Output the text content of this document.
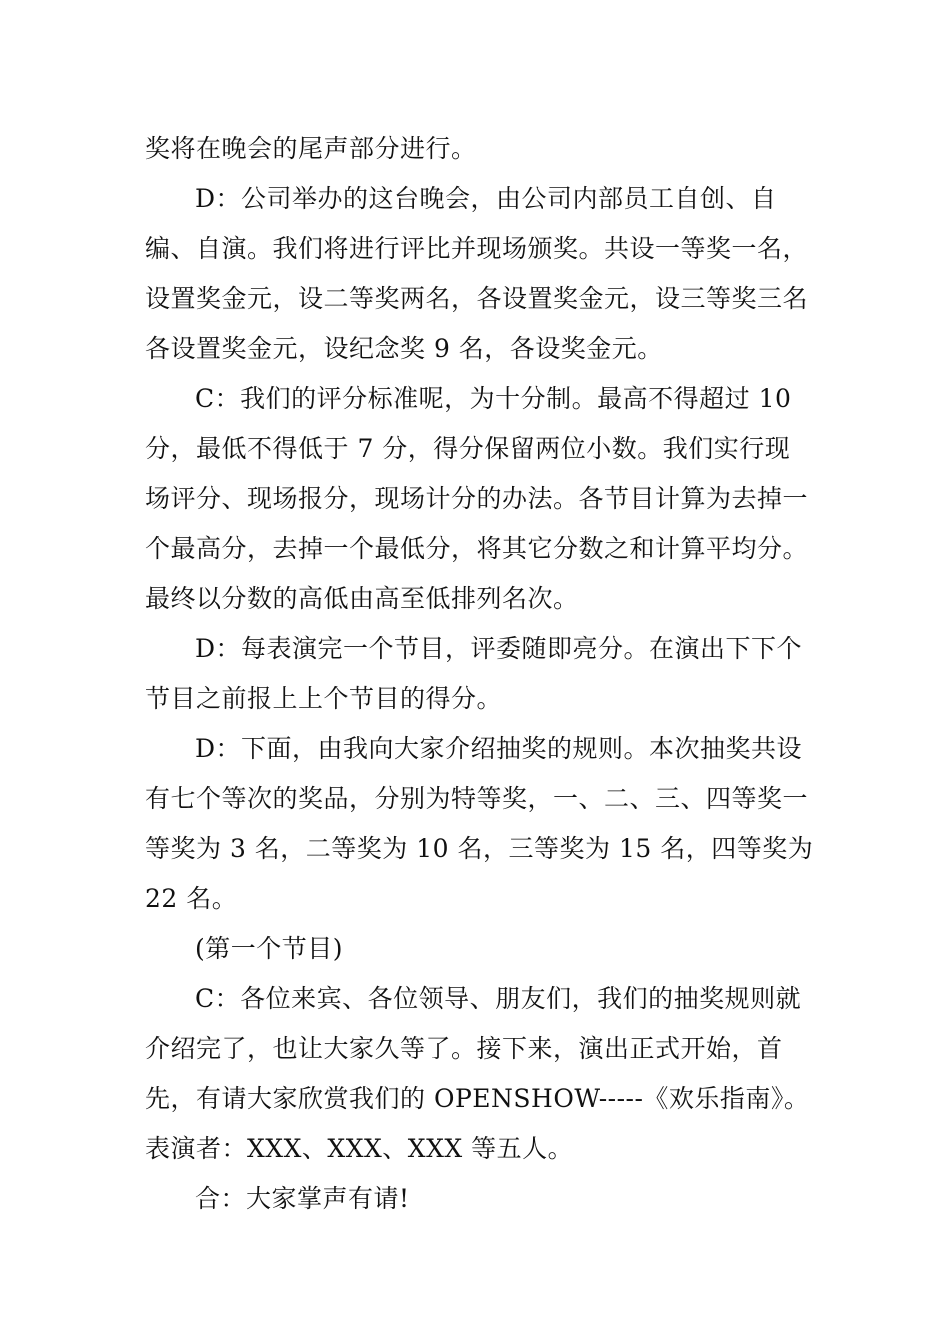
奖将在晚会的尾声部分进行。

D：公司举办的这台晚会，由公司内部员工自创、自编、自演。我们将进行评比并现场颁奖。共设一等奖一名，设置奖金元，设二等奖两名，各设置奖金元，设三等奖三名各设置奖金元，设纪念奖 9 名，各设奖金元。

C：我们的评分标准呢，为十分制。最高不得超过 10 分，最低不得低于 7 分，得分保留两位小数。我们实行现场评分、现场报分，现场计分的办法。各节目计算为去掉一个最高分，去掉一个最低分，将其它分数之和计算平均分。最终以分数的高低由高至低排列名次。

D：每表演完一个节目，评委随即亮分。在演出下下个节目之前报上上个节目的得分。

D：下面，由我向大家介绍抽奖的规则。本次抽奖共设有七个等次的奖品，分别为特等奖，一、二、三、四等奖一等奖为 3 名，二等奖为 10 名，三等奖为 15 名，四等奖为 22 名。

(第一个节目)

C：各位来宾、各位领导、朋友们，我们的抽奖规则就介绍完了，也让大家久等了。接下来，演出正式开始，首先，有请大家欣赏我们的 OPENSHOW-----《欢乐指南》。表演者：XXX、XXX、XXX 等五人。

合：大家掌声有请!
